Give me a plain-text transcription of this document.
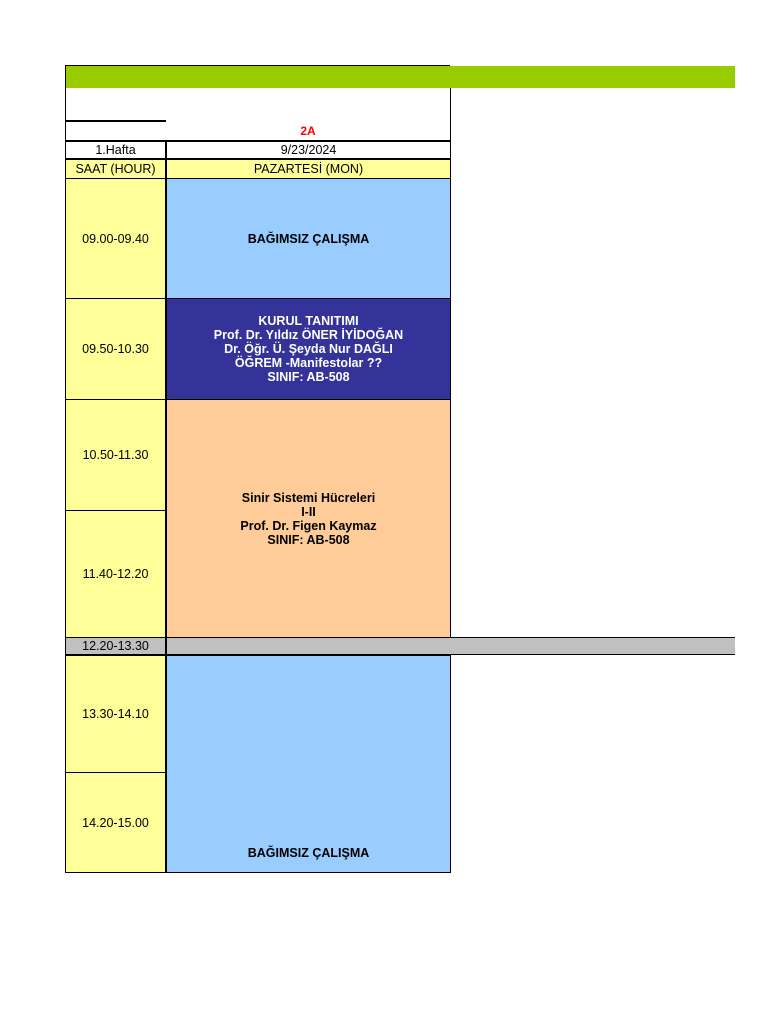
2A
1.Hafta	9/23/2024
SAAT (HOUR)	PAZARTESİ (MON)
09.00-09.40
09.50-10.30
10.50-11.30
11.40-12.20
12.20-13.30
13.30-14.10
14.20-15.00
BAĞIMSIZ ÇALIŞMA
KURUL TANITIMI
Prof. Dr. Yıldız ÖNER İYİDOĞAN
Dr. Öğr. Ü. Şeyda Nur DAĞLI
ÖĞREM -Manifestolar ??
SINIF: AB-508
Sinir Sistemi Hücreleri
I-II
Prof. Dr. Figen Kaymaz
SINIF: AB-508
BAĞIMSIZ ÇALIŞMA
